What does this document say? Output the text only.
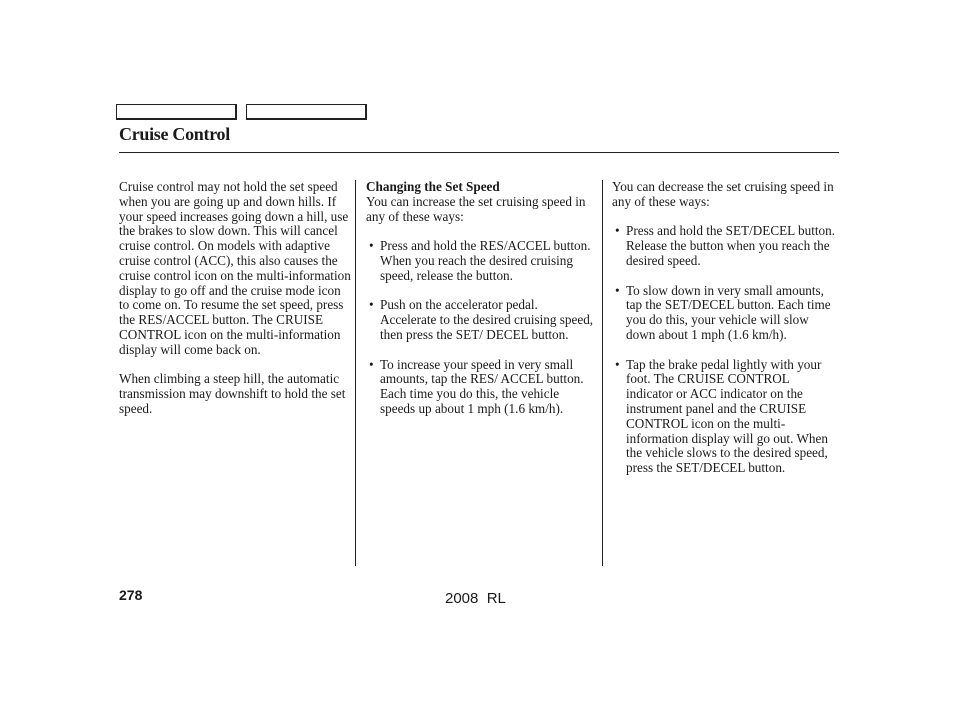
Cruise Control

Cruise control may not hold the set speed when you are going up and down hills. If your speed increases going down a hill, use the brakes to slow down. This will cancel cruise control. On models with adaptive cruise control (ACC), this also causes the cruise control icon on the multi-information display to go off and the cruise mode icon to come on. To resume the set speed, press the RES/ACCEL button. The CRUISE CONTROL icon on the multi-information display will come back on.

When climbing a steep hill, the automatic transmission may downshift to hold the set speed.

Changing the Set Speed

You can increase the set cruising speed in any of these ways:

• Press and hold the RES/ACCEL button. When you reach the desired cruising speed, release the button.
• Push on the accelerator pedal. Accelerate to the desired cruising speed, then press the SET/ DECEL button.
• To increase your speed in very small amounts, tap the RES/ ACCEL button. Each time you do this, the vehicle speeds up about 1 mph (1.6 km/h).

You can decrease the set cruising speed in any of these ways:

• Press and hold the SET/DECEL button. Release the button when you reach the desired speed.
• To slow down in very small amounts, tap the SET/DECEL button. Each time you do this, your vehicle will slow down about 1 mph (1.6 km/h).
• Tap the brake pedal lightly with your foot. The CRUISE CONTROL indicator or ACC indicator on the instrument panel and the CRUISE CONTROL icon on the multi-information display will go out. When the vehicle slows to the desired speed, press the SET/DECEL button.
278	2008  RL
